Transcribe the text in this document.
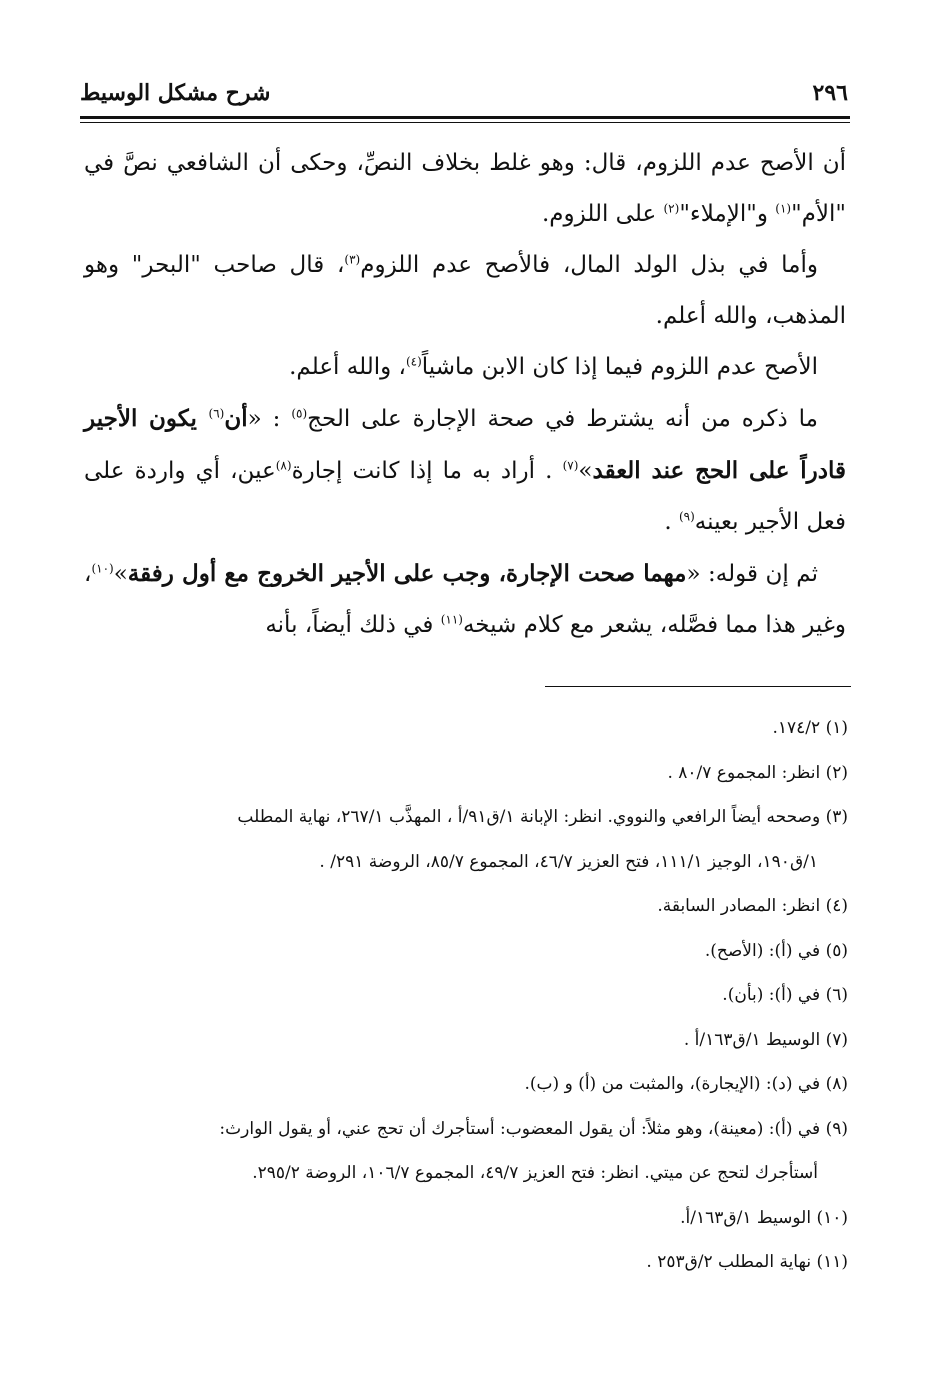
٢٩٦
شرح مشكل الوسيط

أن الأصح عدم اللزوم، قال: وهو غلط بخلاف النصِّ، وحكى أن الشافعي نصَّ في "الأم"$^{(١)}$ و"الإملاء"$^{(٢)}$ على اللزوم.

وأما في بذل الولد المال، فالأصح عدم اللزوم$^{(٣)}$، قال صاحب "البحر" وهو المذهب، والله أعلم.

الأصح عدم اللزوم فيما إذا كان الابن ماشياً$^{(٤)}$، والله أعلم.

ما ذكره من أنه يشترط في صحة الإجارة على الحج$^{(٥)}$ : «أن$^{(٦)}$ يكون الأجير قادراً على الحج عند العقد»$^{(٧)}$ . أراد به ما إذا كانت إجارة$^{(٨)}$عين، أي واردة على فعل الأجير بعينه$^{(٩)}$ .

ثم إن قوله: «مهما صحت الإجارة، وجب على الأجير الخروج مع أول رفقة»$^{(١٠)}$، وغير هذا مما فصَّله، يشعر مع كلام شيخه$^{(١١)}$ في ذلك أيضاً، بأنه

(١) ١٧٤/٢.

(٢) انظر: المجموع ٨٠/٧ .

(٣) وصححه أيضاً الرافعي والنووي. انظر: الإبانة ١/ق٩١/أ ، المهذَّب ٢٦٧/١، نهاية المطلب

١/ق١٩٠، الوجيز ١١١/١، فتح العزيز ٤٦/٧، المجموع ٨٥/٧، الروضة ٢٩١/ .

(٤) انظر: المصادر السابقة.

(٥) في (أ): (الأصح).

(٦) في (أ): (بأن).

(٧) الوسيط ١/ق١٦٣/أ .

(٨) في (د): (الإيجارة)، والمثبت من (أ) و (ب).

(٩) في (أ): (معينة)، وهو مثلاً: أن يقول المعضوب: أستأجرك أن تحج عني، أو يقول الوارث:

أستأجرك لتحج عن ميتي. انظر: فتح العزيز ٤٩/٧، المجموع ١٠٦/٧، الروضة ٢٩٥/٢.

(١٠) الوسيط ١/ق١٦٣/أ.

(١١) نهاية المطلب ٢/ق٢٥٣ .
